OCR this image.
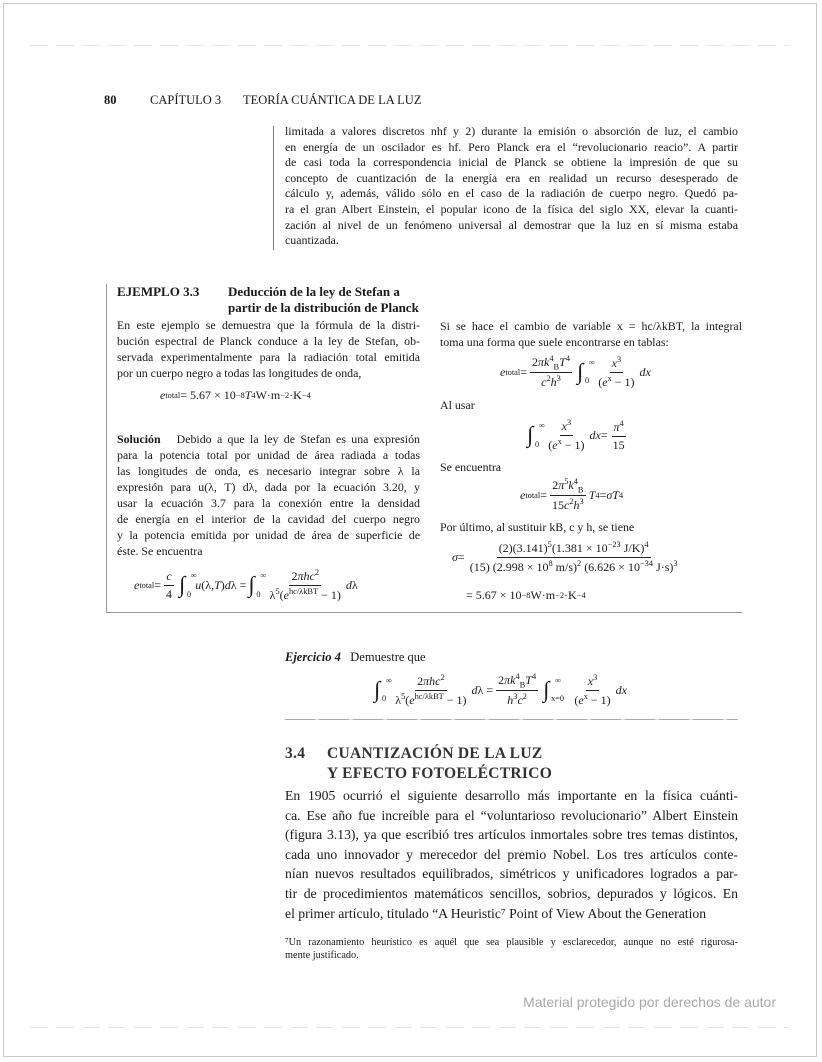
80	CAPÍTULO 3 TEORÍA CUÁNTICA DE LA LUZ
limitada a valores discretos nhf y 2) durante la emisión o absorción de luz, el cambio
en energía de un oscilador es hf. Pero Planck era el “revolucionario reacio”. A partir
de casi toda la correspondencia inicial de Planck se obtiene la impresión de que su
concepto de cuantización de la energía era en realidad un recurso desesperado de
cálculo y, además, válido sólo en el caso de la radiación de cuerpo negro. Quedó pa-
ra el gran Albert Einstein, el popular icono de la física del siglo XX, elevar la cuanti-
zación al nivel de un fenómeno universal al demostrar que la luz en sí misma estaba
cuantizada.
EJEMPLO 3.3 Deducción de la ley de Stefan a
partir de la distribución de Planck
En este ejemplo se demuestra que la fórmula de la distri-
bución espectral de Planck conduce a la ley de Stefan, ob-
servada experimentalmente para la radiación total emitida
por un cuerpo negro a todas las longitudes de onda,
e total = 5.67 × 10 −8 T 4 W·m −2 ·K −4
Solución Debido a que la ley de Stefan es una expresión
para la potencia total por unidad de área radiada a todas
las longitudes de onda, es necesario integrar sobre λ la
expresión para u(λ, T) dλ, dada por la ecuación 3.20, y
usar la ecuación 3.7 para la conexión entre la densidad
de energía en el interior de la cavidad del cuerpo negro
y la potencia emitida por unidad de área de superficie de
éste. Se encuentra
e total = $\frac{c}{4}$ ∫ ∞
0
u (λ, T ) d λ = ∫ ∞
$0 \frac{2\pi hc^2}{\lambda^5(e^{hc/\lambda kBT} - 1)}$ d λ
Si se hace el cambio de variable x = hc/λkBT, la integral
toma una forma que suele encontrarse en tablas:
e total = $\frac{2\pi k^4_BT^4}{c^2h^3}$ ∫ ∞
$0 \frac{x^3}{(e^x - 1)}$ dx
Al usar
∫ ∞
$0 \frac{x^3}{(e^x - 1)}$ dx = $\frac{\pi^4}{15}$
Se encuentra
e total = $\frac{2\pi^5k^4_B}{15c^2h^3}$ T 4 = σT 4
Por último, al sustituir kB, c y h, se tiene
$\sigma = \frac{(2)(3.141)^5(1.381 \times 10^{-23} J/K)^4}{(15) (2.998 \times 10^8 m/s)^2 (6.626 \times 10^{-34} J\cdot s)^3}$
= 5.67 × 10 −8 W·m −2 ·K −4
Ejercicio 4 Demuestre que
∫ ∞
$0 \frac{2\pi hc^2}{\lambda^5(e^{hc/\lambda kBT} - 1)}$ d $\lambda = \frac{2\pi k^4_BT^4}{h^3c^2}$ ∫ ∞
$x=0 \frac{x^3}{(e^x - 1)}$ dx
3.4 CUANTIZACIÓN DE LA LUZ
Y EFECTO FOTOELÉCTRICO
En 1905 ocurrió el siguiente desarrollo más importante en la física cuánti-
ca. Ese año fue increíble para el “voluntarioso revolucionario” Albert Einstein
(figura 3.13), ya que escribió tres artículos inmortales sobre tres temas distintos,
cada uno innovador y merecedor del premio Nobel. Los tres artículos conte-
nían nuevos resultados equilibrados, simétricos y unificadores logrados a par-
tir de procedimientos matemáticos sencillos, sobrios, depurados y lógicos. En
el primer artículo, titulado “A Heuristic⁷ Point of View About the Generation
⁷Un razonamiento heurístico es aquél que sea plausible y esclarecedor, aunque no esté rigurosa-
mente justificado.
Material protegido por derechos de autor
